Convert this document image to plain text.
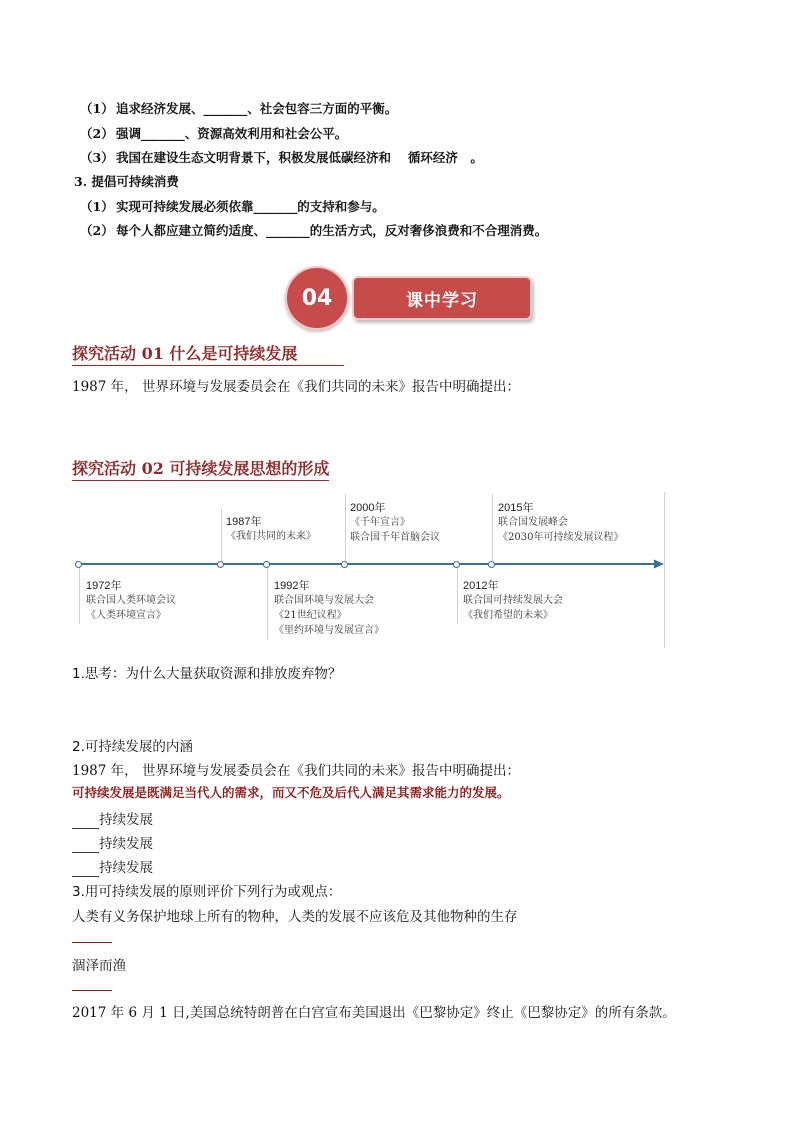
（1） 追求经济发展、_______、社会包容三方面的平衡。
（2） 强调_______、资源高效利用和社会公平。
（3） 我国在建设生态文明背景下，积极发展低碳经济和　 循环经济　。
3. 提倡可持续消费
（1） 实现可持续发展必须依靠_______的支持和参与。
（2） 每个人都应建立简约适度、_______的生活方式，反对奢侈浪费和不合理消费。
04	课中学习
探究活动 01 什么是可持续发展
1987 年， 世界环境与发展委员会在《我们共同的未来》报告中明确提出：
探究活动 02 可持续发展思想的形成
1972年
联合国人类环境会议
《人类环境宣言》
1987年
《我们共同的未来》
1992年
联合国环境与发展大会
《21世纪议程》
《里约环境与发展宣言》
2000年
《千年宣言》
联合国千年首脑会议
2012年
联合国可持续发展大会
《我们希望的未来》
2015年
联合国发展峰会
《2030年可持续发展议程》
1.思考：为什么大量获取资源和排放废弃物？
2.可持续发展的内涵
1987 年， 世界环境与发展委员会在《我们共同的未来》报告中明确提出：
可持续发展是既满足当代人的需求，而又不危及后代人满足其需求能力的发展。
持续发展
持续发展
持续发展
3.用可持续发展的原则评价下列行为或观点：
人类有义务保护地球上所有的物种，人类的发展不应该危及其他物种的生存
涸泽而渔
2017 年 6 月 1 日,美国总统特朗普在白宫宣布美国退出《巴黎协定》终止《巴黎协定》的所有条款。
